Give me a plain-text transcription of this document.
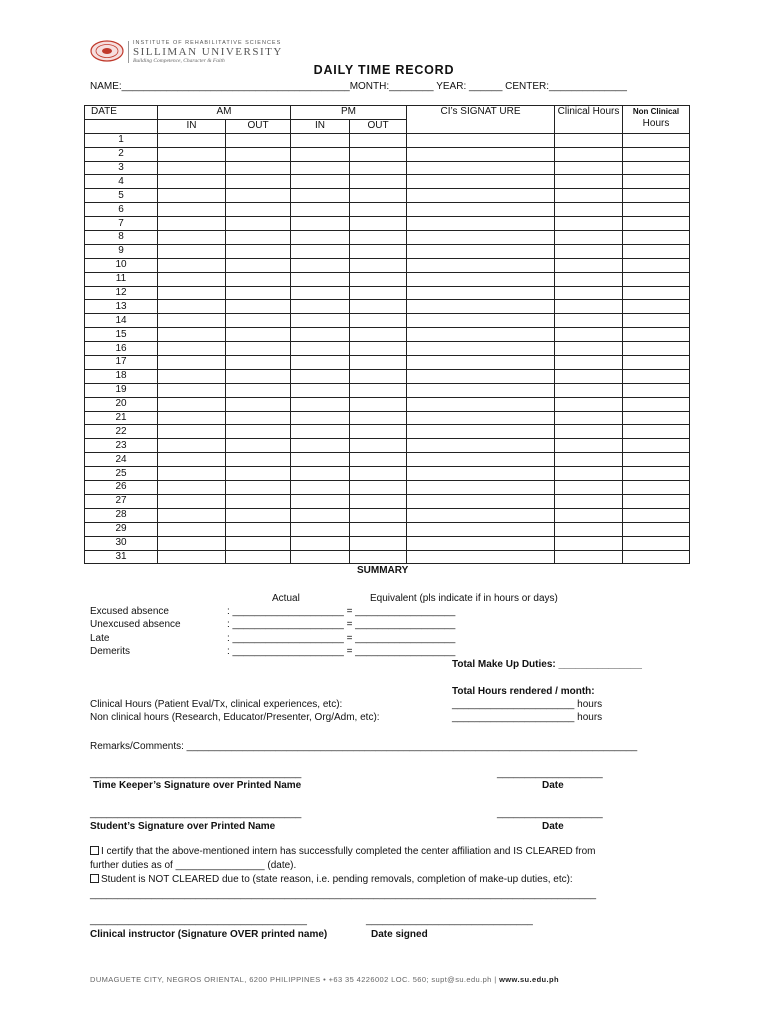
INSTITUTE OF REHABILITATIVE SCIENCES
SILLIMAN UNIVERSITY
Building Competence, Character & Faith
DAILY TIME RECORD
NAME:_________________________________________MONTH:________ YEAR: ______ CENTER:______________
DATE	AM		PM		CI’s SIGNAT URE	Clinical Hours	Non Clinical
Hours

	IN	OUT	IN	OUT			
1							
2							
3							
4							
5							
6							
7							
8							
9							
10							
11							
12							
13							
14							
15							
16							
17							
18							
19							
20							
21							
22							
23							
24							
25							
26							
27							
28							
29							
30							
31							
SUMMARY
Actual	Equivalent (pls indicate if in hours or days)
Excused absence	: ____________________ = __________________
Unexcused absence	: ____________________ = __________________
Late	: ____________________ = __________________
Demerits	: ____________________ = __________________
Total Make Up Duties: _______________
Total Hours rendered / month:
Clinical Hours (Patient Eval/Tx, clinical experiences, etc):	______________________ hours
Non clinical hours (Research, Educator/Presenter, Org/Adm, etc):	______________________ hours
Remarks/Comments: _________________________________________________________________________________
______________________________________	___________________
Time Keeper’s Signature over Printed Name	Date
______________________________________	___________________
Student’s Signature over Printed Name	Date
I certify that the above-mentioned intern has successfully completed the center affiliation and IS CLEARED from
further duties as of ________________ (date).
Student is NOT CLEARED due to (state reason, i.e. pending removals, completion of make-up duties, etc):
___________________________________________________________________________________________
_______________________________________	______________________________
Clinical instructor (Signature OVER printed name)	Date signed
DUMAGUETE CITY, NEGROS ORIENTAL, 6200 PHILIPPINES • +63 35 4226002 LOC. 560; supt@su.edu.ph | www.su.edu.ph
